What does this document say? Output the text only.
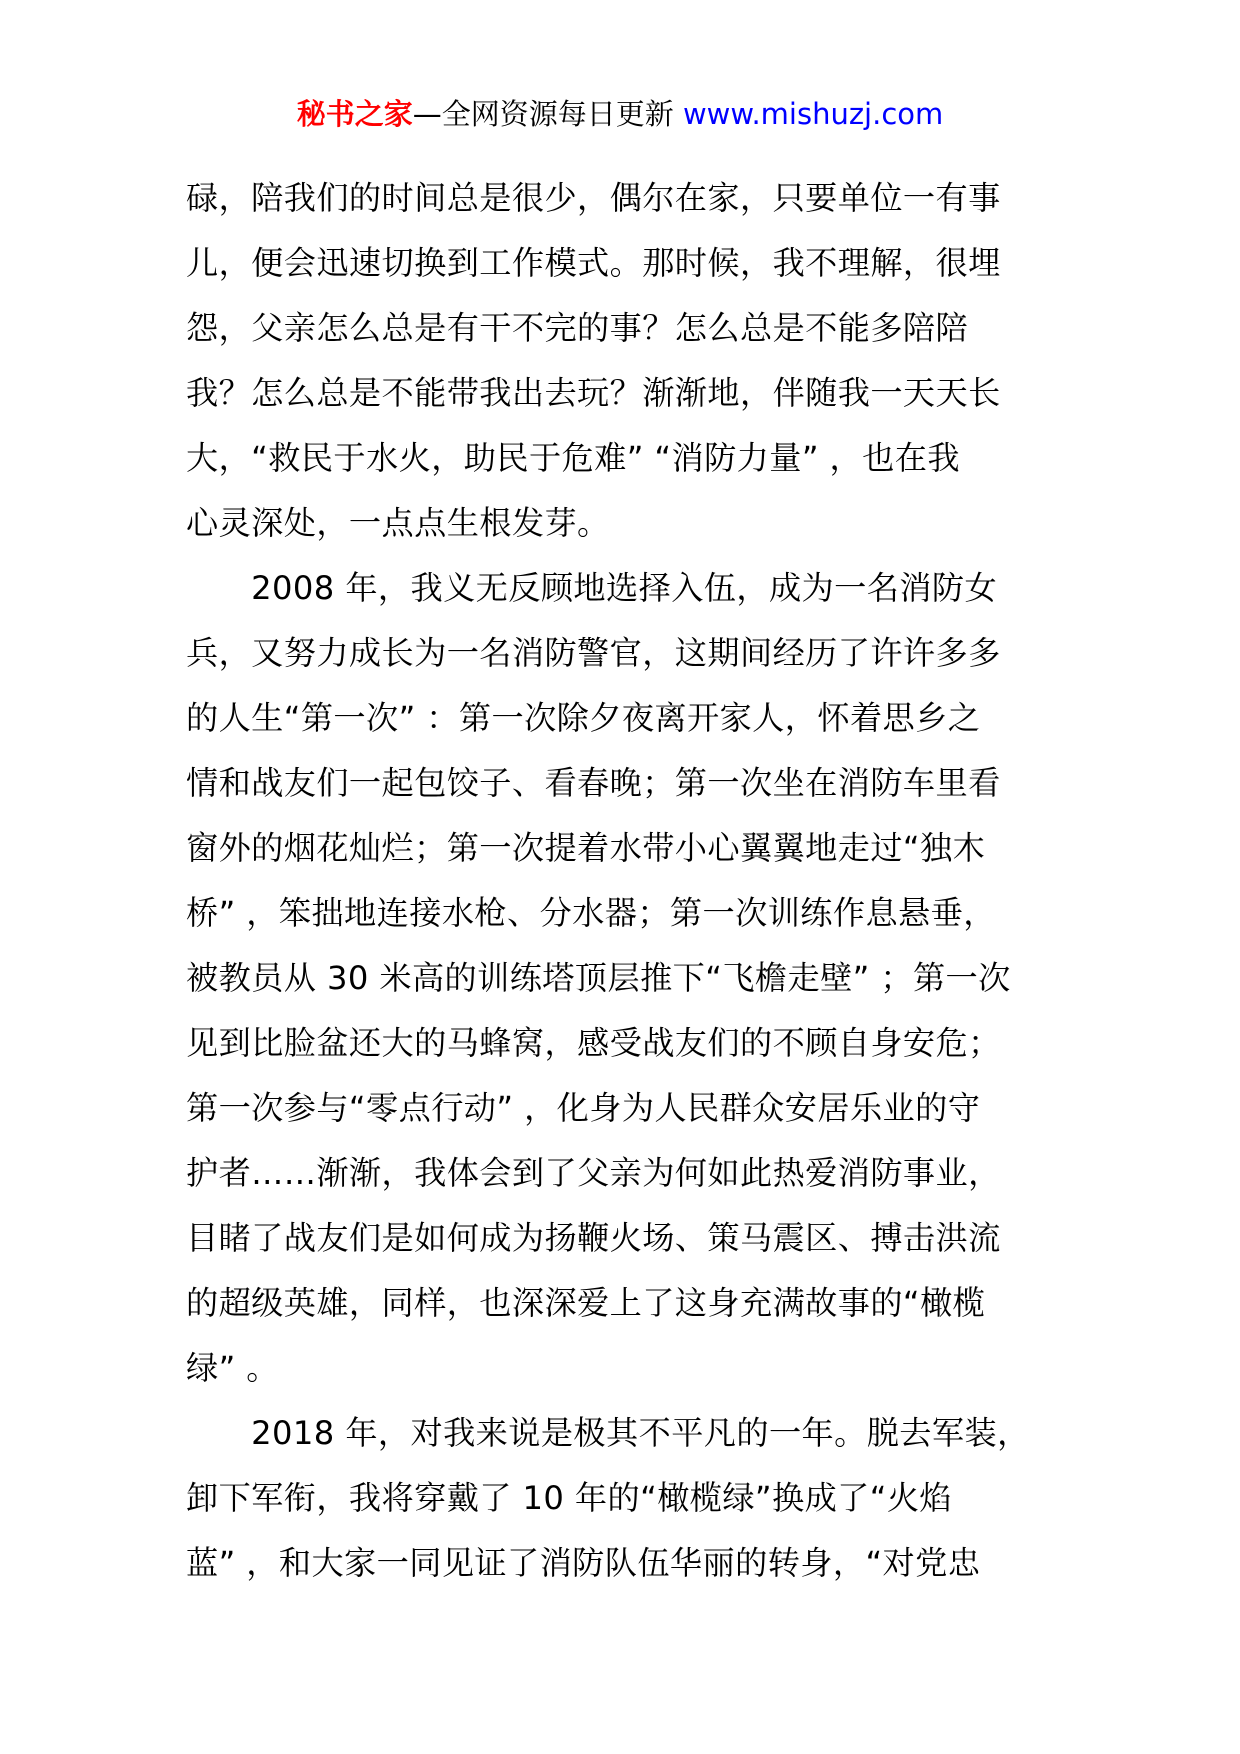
秘书之家—全网资源每日更新 www.mishuzj.com
碌，陪我们的时间总是很少，偶尔在家，只要单位一有事
儿，便会迅速切换到工作模式。那时候，我不理解，很埋
怨，父亲怎么总是有干不完的事？怎么总是不能多陪陪
我？怎么总是不能带我出去玩？渐渐地，伴随我一天天长
大，“救民于水火，助民于危难” “消防力量” ，也在我
心灵深处，一点点生根发芽。
　　2008 年，我义无反顾地选择入伍，成为一名消防女
兵，又努力成长为一名消防警官，这期间经历了许许多多
的人生“第一次” ：第一次除夕夜离开家人，怀着思乡之
情和战友们一起包饺子、看春晚；第一次坐在消防车里看
窗外的烟花灿烂；第一次提着水带小心翼翼地走过“独木
桥” ，笨拙地连接水枪、分水器；第一次训练作息悬垂，
被教员从 30 米高的训练塔顶层推下“飞檐走壁” ；第一次
见到比脸盆还大的马蜂窝，感受战友们的不顾自身安危；
第一次参与“零点行动” ，化身为人民群众安居乐业的守
护者……渐渐，我体会到了父亲为何如此热爱消防事业，
目睹了战友们是如何成为扬鞭火场、策马震区、搏击洪流
的超级英雄，同样，也深深爱上了这身充满故事的“橄榄
绿” 。
　　2018 年，对我来说是极其不平凡的一年。脱去军装，
卸下军衔，我将穿戴了 10 年的“橄榄绿”换成了“火焰
蓝” ，和大家一同见证了消防队伍华丽的转身，“对党忠
